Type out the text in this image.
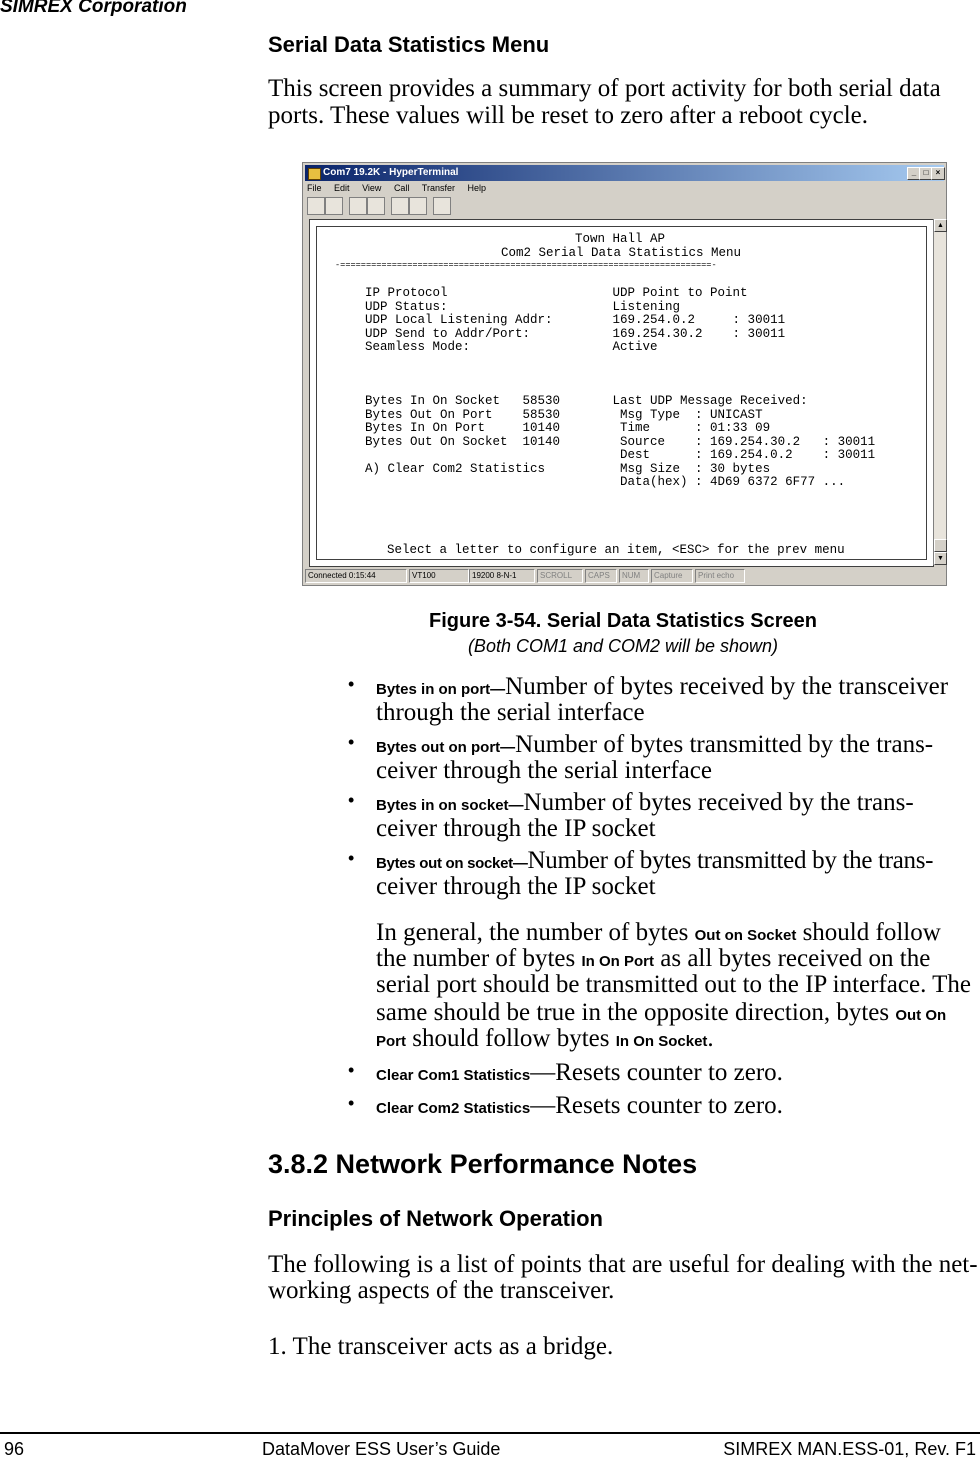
SIMREX Corporation
Serial Data Statistics Menu
This screen provides a summary of port activity for both serial data
ports. These values will be reset to zero after a reboot cycle.
Com7 19.2K - HyperTerminal	_ □ ×
File Edit View Call Transfer Help
Town Hall AP
Com2 Serial Data Statistics Menu
-========================================================================-
IP Protocol                      UDP Point to Point
UDP Status:                      Listening
UDP Local Listening Addr:        169.254.0.2     : 30011
UDP Send to Addr/Port:           169.254.30.2    : 30011
Seamless Mode:                   Active
Bytes In On Socket   58530       Last UDP Message Received:
Bytes Out On Port    58530        Msg Type  : UNICAST
Bytes In On Port     10140        Time      : 01:33 09
Bytes Out On Socket  10140        Source    : 169.254.30.2   : 30011
Dest      : 169.254.0.2    : 30011
A) Clear Com2 Statistics          Msg Size  : 30 bytes
Data(hex) : 4D69 6372 6F77 ...
Select a letter to configure an item, <ESC> for the prev menu
▲
▼
Connected 0:15:44	VT100	19200 8-N-1	SCROLL	CAPS	NUM	Capture	Print echo
Figure 3-54. Serial Data Statistics Screen
(Both COM1 and COM2 will be shown)
• Bytes in on port—Number of bytes received by the transceiver
through the serial interface
• Bytes out on port—Number of bytes transmitted by the trans-
ceiver through the serial interface
• Bytes in on socket—Number of bytes received by the trans-
ceiver through the IP socket
• Bytes out on socket—Number of bytes transmitted by the trans-
ceiver through the IP socket
In general, the number of bytes Out on Socket should follow
the number of bytes In On Port as all bytes received on the
serial port should be transmitted out to the IP interface. The
same should be true in the opposite direction, bytes Out On
Port should follow bytes In On Socket.
• Clear Com1 Statistics—Resets counter to zero.
• Clear Com2 Statistics—Resets counter to zero.
3.8.2 Network Performance Notes
Principles of Network Operation
The following is a list of points that are useful for dealing with the net-
working aspects of the transceiver.
1. The transceiver acts as a bridge.
96	DataMover ESS User’s Guide	SIMREX MAN.ESS-01, Rev. F1
